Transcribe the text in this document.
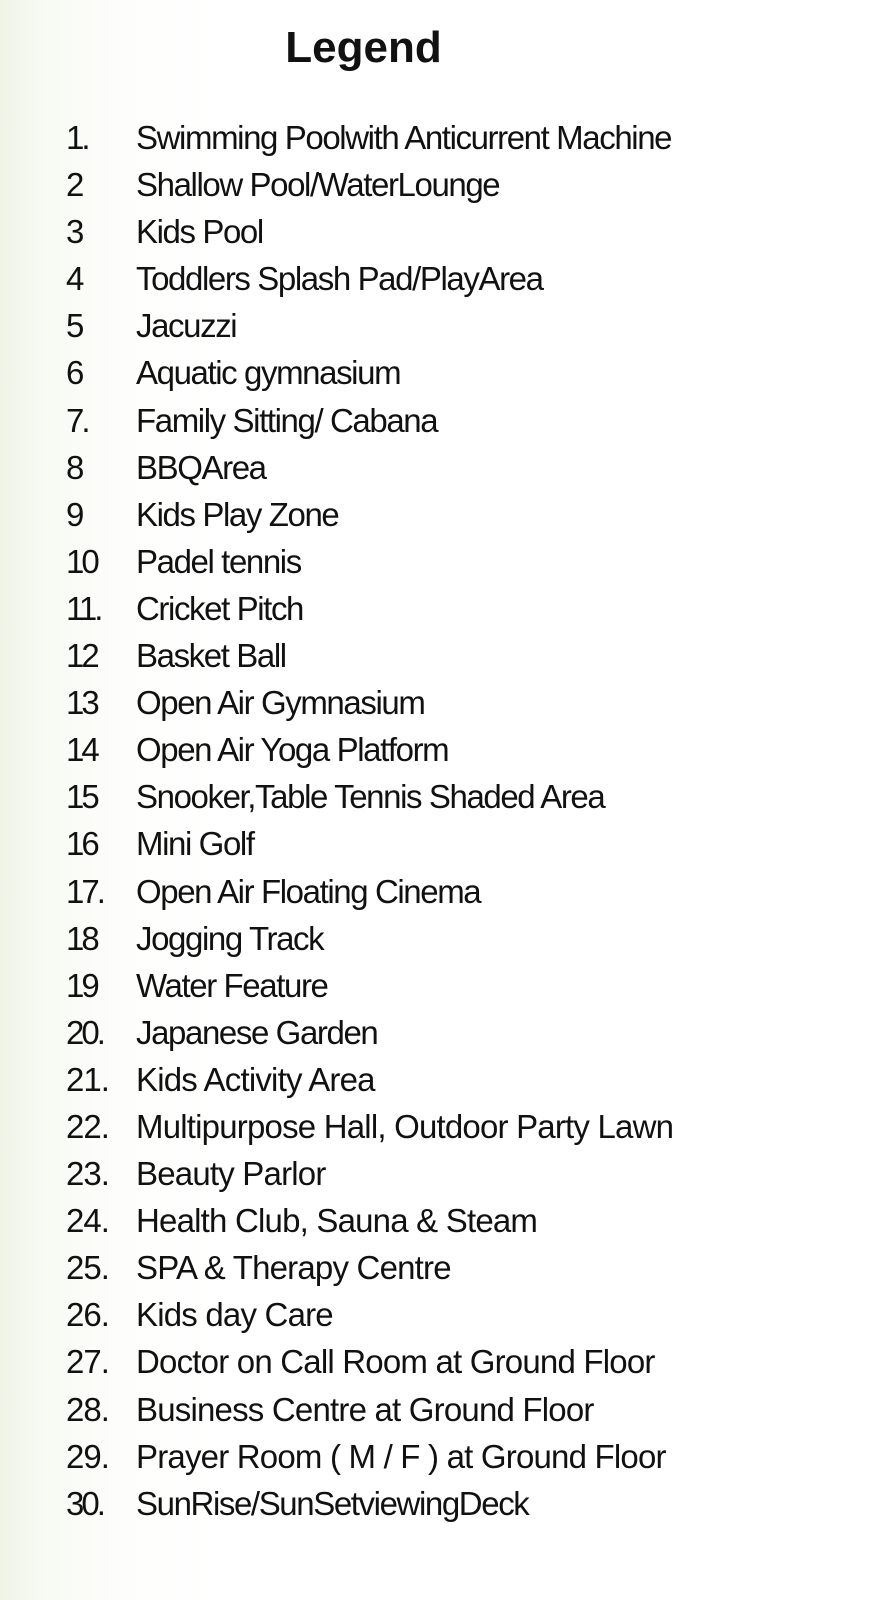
Legend
1.	Swimming Poolwith Anticurrent Machine
2	Shallow Pool/WaterLounge
3	Kids Pool
4	Toddlers Splash Pad/PlayArea
5	Jacuzzi
6	Aquatic gymnasium
7.	Family Sitting/ Cabana
8	BBQArea
9	Kids Play Zone
10	Padel tennis
11.	Cricket Pitch
12	Basket Ball
13	Open Air Gymnasium
14	Open Air Yoga Platform
15	Snooker,Table Tennis Shaded Area
16	Mini Golf
17.	Open Air Floating Cinema
18	Jogging Track
19	Water Feature
20.	Japanese Garden
21. Kids Activity Area
22. Multipurpose Hall, Outdoor Party Lawn
23. Beauty Parlor
24. Health Club, Sauna & Steam
25. SPA & Therapy Centre
26. Kids day Care
27. Doctor on Call Room at Ground Floor
28. Business Centre at Ground Floor
29. Prayer Room ( M / F ) at Ground Floor
30.	SunRise/SunSetviewingDeck
